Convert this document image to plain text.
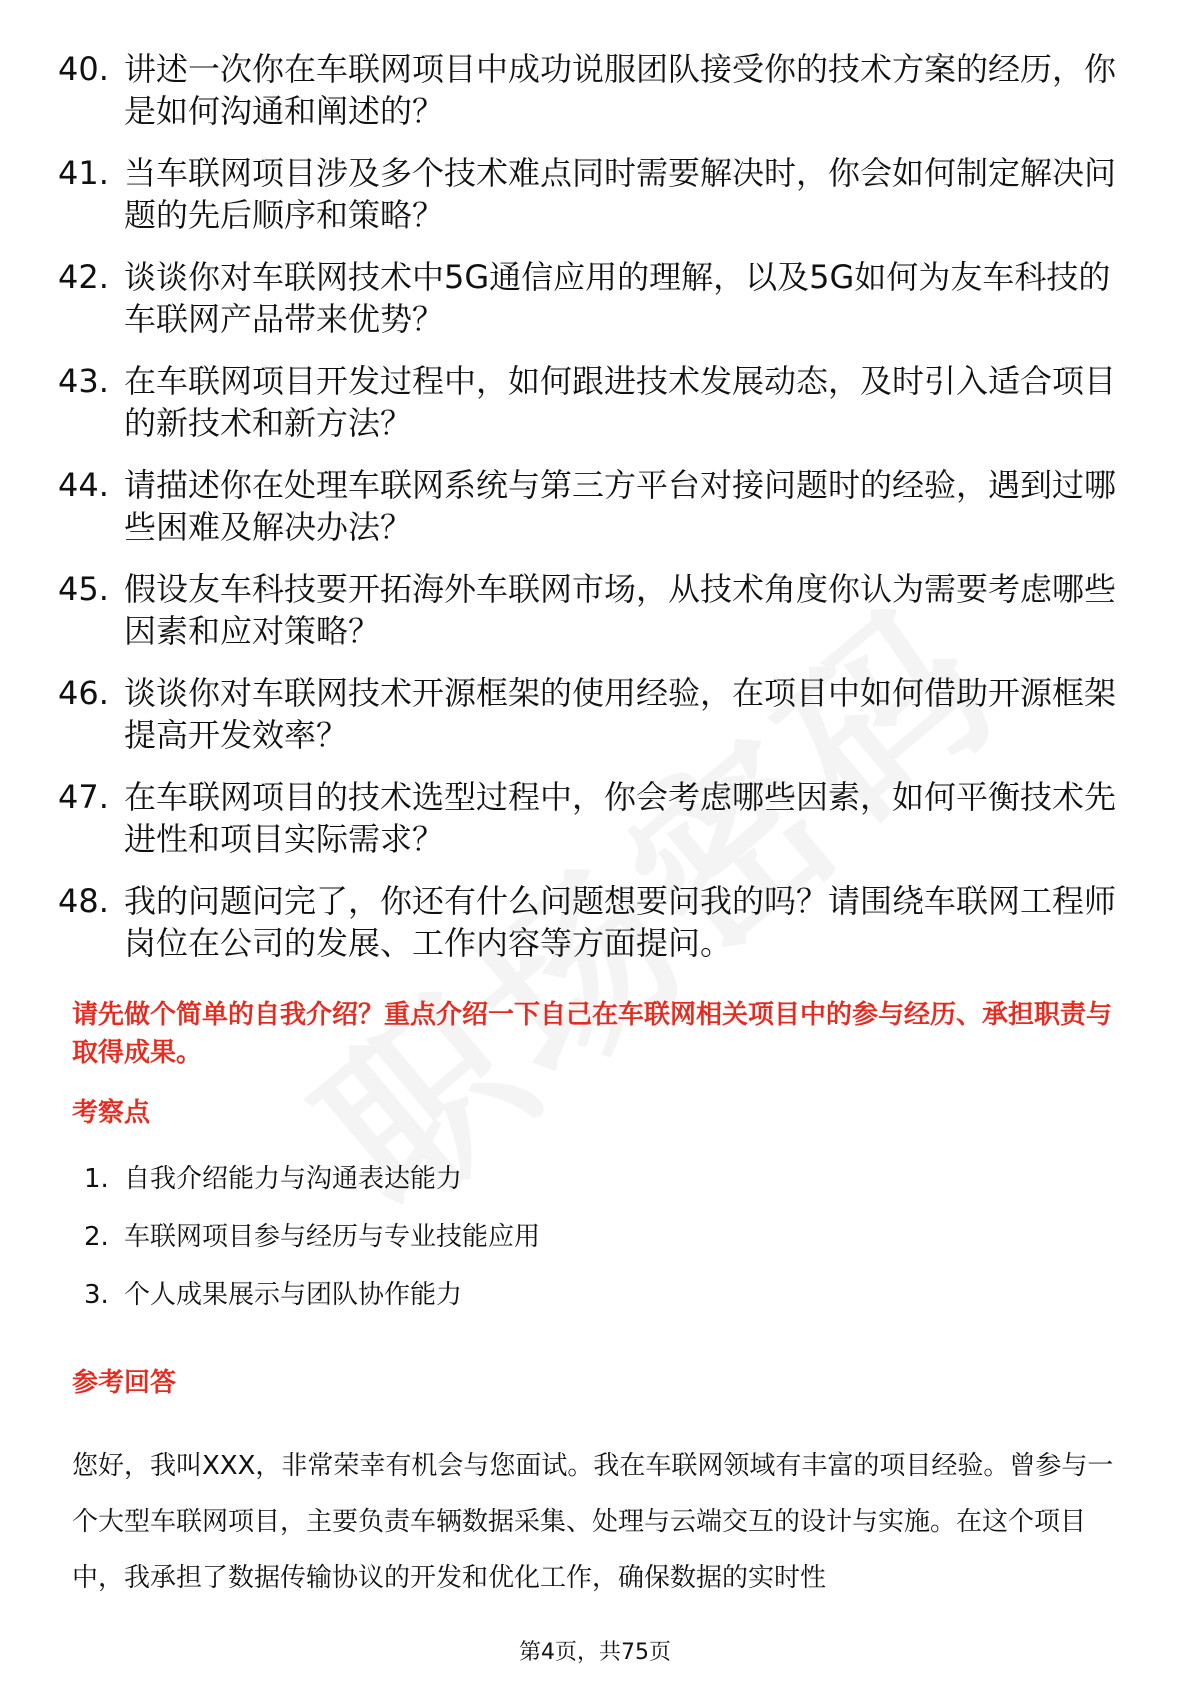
40. 讲述一次你在车联网项目中成功说服团队接受你的技术方案的经历，你是如何沟通和阐述的？
41. 当车联网项目涉及多个技术难点同时需要解决时，你会如何制定解决问题的先后顺序和策略？
42. 谈谈你对车联网技术中5G通信应用的理解，以及5G如何为友车科技的车联网产品带来优势？
43. 在车联网项目开发过程中，如何跟进技术发展动态，及时引入适合项目的新技术和新方法？
44. 请描述你在处理车联网系统与第三方平台对接问题时的经验，遇到过哪些困难及解决办法？
45. 假设友车科技要开拓海外车联网市场，从技术角度你认为需要考虑哪些因素和应对策略？
46. 谈谈你对车联网技术开源框架的使用经验，在项目中如何借助开源框架提高开发效率？
47. 在车联网项目的技术选型过程中，你会考虑哪些因素，如何平衡技术先进性和项目实际需求？
48. 我的问题问完了，你还有什么问题想要问我的吗？请围绕车联网工程师岗位在公司的发展、工作内容等方面提问。

请先做个简单的自我介绍？重点介绍一下自己在车联网相关项目中的参与经历、承担职责与取得成果。

考察点

1. 自我介绍能力与沟通表达能力
2. 车联网项目参与经历与专业技能应用
3. 个人成果展示与团队协作能力

参考回答

您好，我叫XXX，非常荣幸有机会与您面试。我在车联网领域有丰富的项目经验。曾参与一个大型车联网项目，主要负责车辆数据采集、处理与云端交互的设计与实施。在这个项目中，我承担了数据传输协议的开发和优化工作，确保数据的实时性

第4页，共75页
